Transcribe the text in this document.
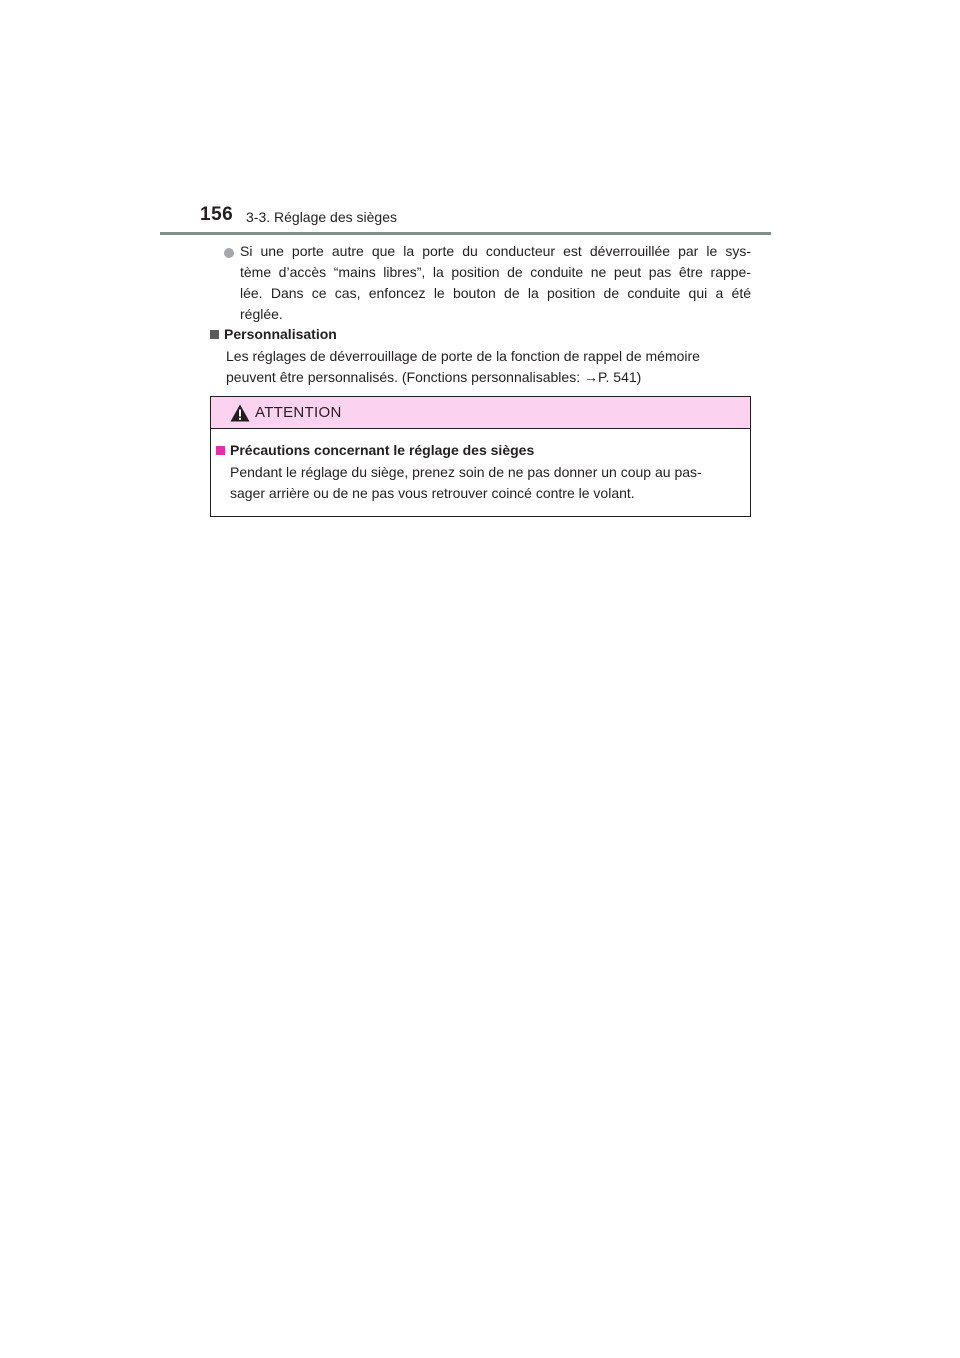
156 3-3. Réglage des sièges
Si une porte autre que la porte du conducteur est déverrouillée par le sys-
tème d’accès “mains libres”, la position de conduite ne peut pas être rappe-
lée. Dans ce cas, enfoncez le bouton de la position de conduite qui a été
réglée.
Personnalisation
Les réglages de déverrouillage de porte de la fonction de rappel de mémoire
peuvent être personnalisés. (Fonctions personnalisables: →P. 541)
ATTENTION
Précautions concernant le réglage des sièges
Pendant le réglage du siège, prenez soin de ne pas donner un coup au pas-
sager arrière ou de ne pas vous retrouver coincé contre le volant.
